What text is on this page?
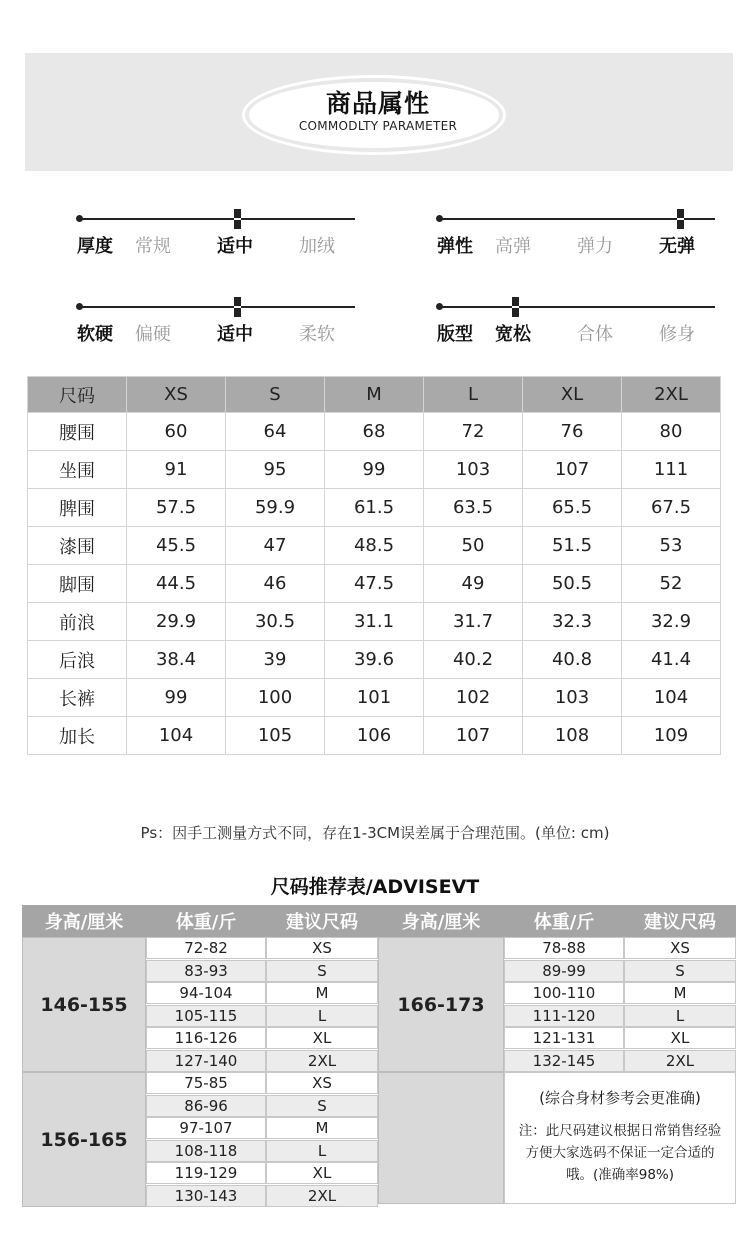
商品属性
COMMODLTY PARAMETER
厚度 常规	适中	加绒	弹性 高弹	弹力	无弹
软硬 偏硬	适中	柔软	版型 宽松	合体	修身
尺码	XS	S	M	L	XL	2XL
腰围	60	64	68	72	76	80
坐围	91	95	99	103	107	111
脾围	57.5	59.9	61.5	63.5	65.5	67.5
漆围	45.5	47	48.5	50	51.5	53
脚围	44.5	46	47.5	49	50.5	52
前浪	29.9	30.5	31.1	31.7	32.3	32.9
后浪	38.4	39	39.6	40.2	40.8	41.4
长裤	99	100	101	102	103	104
加长	104	105	106	107	108	109
Ps：因手工测量方式不同，存在1-3CM误差属于合理范围。(单位: cm)
尺码推荐表/ADVISEVT
(综合身材参考会更准确)
注：此尺码建议根据日常销售经验方便大家选码不保证一定合适的哦。(准确率98%)
身高/厘米	体重/斤	建议尺码	身高/厘米	体重/斤	建议尺码
146-155
72-82	XS
83-93	S
94-104	M
105-115	L
116-126	XL
127-140	2XL
166-173
78-88	XS
89-99	S
100-110	M
111-120	L
121-131	XL
132-145	2XL
156-165
75-85	XS
86-96	S
97-107	M
108-118	L
119-129	XL
130-143	2XL
